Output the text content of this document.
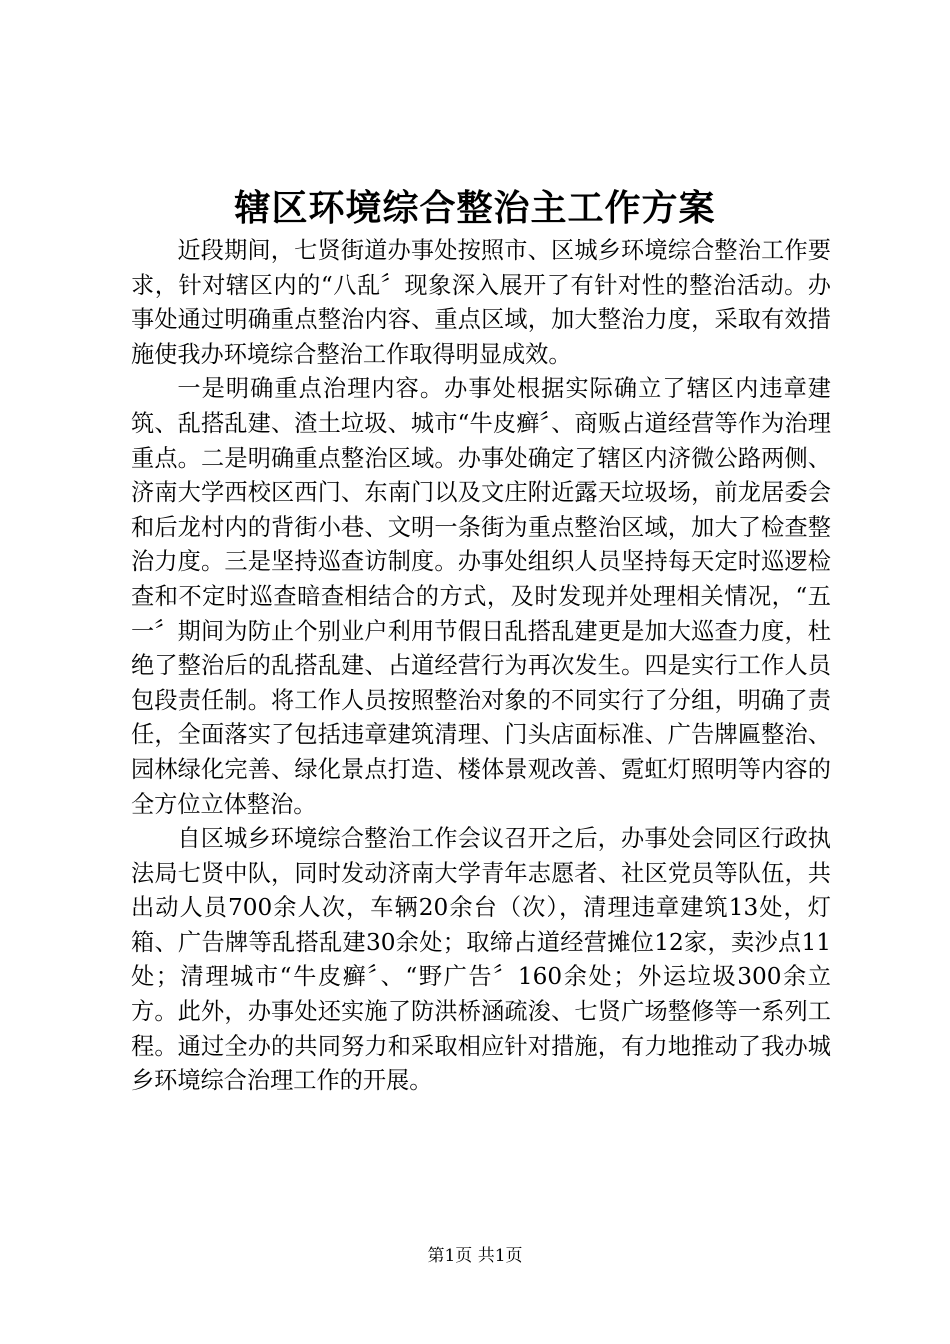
辖区环境综合整治主工作方案

近段期间，七贤街道办事处按照市、区城乡环境综合整治工作要求，针对辖区内的“八乱〞现象深入展开了有针对性的整治活动。办事处通过明确重点整治内容、重点区域，加大整治力度，采取有效措施使我办环境综合整治工作取得明显成效。

一是明确重点治理内容。办事处根据实际确立了辖区内违章建筑、乱搭乱建、渣土垃圾、城市“牛皮癣〞、商贩占道经营等作为治理重点。二是明确重点整治区域。办事处确定了辖区内济微公路两侧、济南大学西校区西门、东南门以及文庄附近露天垃圾场，前龙居委会和后龙村内的背街小巷、文明一条街为重点整治区域，加大了检查整治力度。三是坚持巡查访制度。办事处组织人员坚持每天定时巡逻检查和不定时巡查暗查相结合的方式，及时发现并处理相关情况，“五一〞期间为防止个别业户利用节假日乱搭乱建更是加大巡查力度，杜绝了整治后的乱搭乱建、占道经营行为再次发生。四是实行工作人员包段责任制。将工作人员按照整治对象的不同实行了分组，明确了责任，全面落实了包括违章建筑清理、门头店面标准、广告牌匾整治、园林绿化完善、绿化景点打造、楼体景观改善、霓虹灯照明等内容的全方位立体整治。

自区城乡环境综合整治工作会议召开之后，办事处会同区行政执法局七贤中队，同时发动济南大学青年志愿者、社区党员等队伍，共出动人员700余人次，车辆20余台（次），清理违章建筑13处，灯箱、广告牌等乱搭乱建30余处；取缔占道经营摊位12家，卖沙点11处；清理城市“牛皮癣〞、“野广告〞160余处；外运垃圾300余立方。此外，办事处还实施了防洪桥涵疏浚、七贤广场整修等一系列工程。通过全办的共同努力和采取相应针对措施，有力地推动了我办城乡环境综合治理工作的开展。

第1页 共1页
